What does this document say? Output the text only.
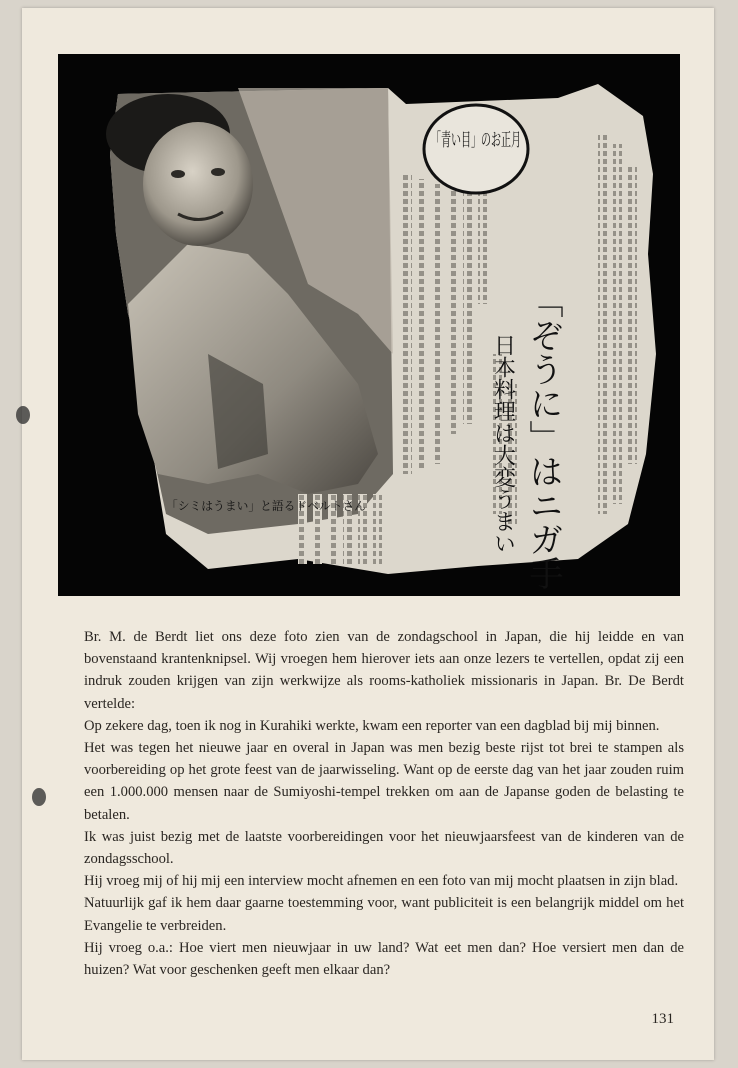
「青い目」のお正月
「ぞうに」はニガ手
日本料理は大変うまい
「シミはうまい」と語るドベルトさん

Br. M. de Berdt liet ons deze foto zien van de zondagschool in Japan, die hij leidde en van bovenstaand krantenknipsel. Wij vroegen hem hierover iets aan onze lezers te vertellen, opdat zij een indruk zouden krijgen van zijn werkwijze als rooms-katholiek missionaris in Japan. Br. De Berdt vertelde:

Op zekere dag, toen ik nog in Kurahiki werkte, kwam een reporter van een dagblad bij mij binnen.

Het was tegen het nieuwe jaar en overal in Japan was men bezig beste rijst tot brei te stampen als voorbereiding op het grote feest van de jaarwisseling. Want op de eerste dag van het jaar zouden ruim een 1.000.000 mensen naar de Sumiyoshi-tempel trekken om aan de Japanse goden de belasting te betalen.

Ik was juist bezig met de laatste voorbereidingen voor het nieuwjaarsfeest van de kinderen van de zondagsschool.

Hij vroeg mij of hij mij een interview mocht afnemen en een foto van mij mocht plaatsen in zijn blad.

Natuurlijk gaf ik hem daar gaarne toestemming voor, want publiciteit is een belangrijk middel om het Evangelie te verbreiden.

Hij vroeg o.a.: Hoe viert men nieuwjaar in uw land? Wat eet men dan? Hoe versiert men dan de huizen? Wat voor geschenken geeft men elkaar dan?

131
